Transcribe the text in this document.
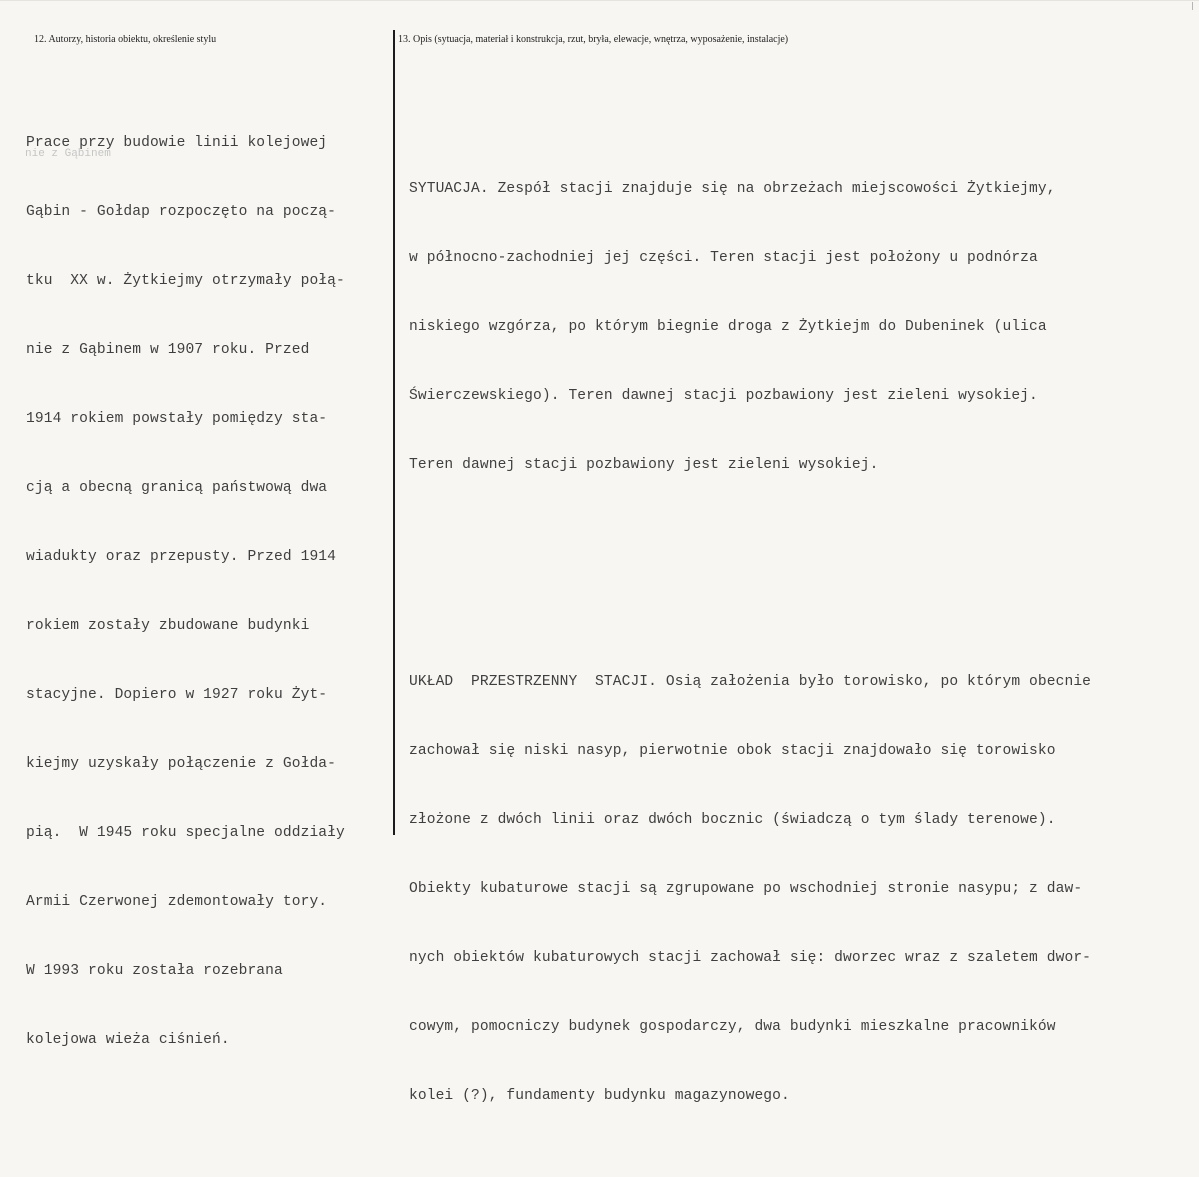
12. Autorzy, historia obiektu, określenie stylu	13. Opis (sytuacja, materiał i konstrukcja, rzut, bryła, elewacje, wnętrza, wyposażenie, instalacje)

Prace przy budowie linii kolejowej

Gąbin - Gołdap rozpoczęto na począ-

tku  XX w. Żytkiejmy otrzymały połą-

nie z Gąbinem w 1907 roku. Przed

1914 rokiem powstały pomiędzy sta-

cją a obecną granicą państwową dwa

wiadukty oraz przepusty. Przed 1914

rokiem zostały zbudowane budynki

stacyjne. Dopiero w 1927 roku Żyt-

kiejmy uzyskały połączenie z Gołda-

pią.  W 1945 roku specjalne oddziały

Armii Czerwonej zdemontowały tory.

W 1993 roku została rozebrana

kolejowa wieża ciśnień.

nie z Gąbinem

SYTUACJA. Zespół stacji znajduje się na obrzeżach miejscowości Żytkiejmy,

w północno-zachodniej jej części. Teren stacji jest położony u podnórza

niskiego wzgórza, po którym biegnie droga z Żytkiejm do Dubeninek (ulica

Świerczewskiego). Teren dawnej stacji pozbawiony jest zieleni wysokiej.

Teren dawnej stacji pozbawiony jest zieleni wysokiej.

UKŁAD  PRZESTRZENNY  STACJI. Osią założenia było torowisko, po którym obecnie

zachował się niski nasyp, pierwotnie obok stacji znajdowało się torowisko

złożone z dwóch linii oraz dwóch bocznic (świadczą o tym ślady terenowe).

Obiekty kubaturowe stacji są zgrupowane po wschodniej stronie nasypu; z daw-

nych obiektów kubaturowych stacji zachował się: dworzec wraz z szaletem dwor-

cowym, pomocniczy budynek gospodarczy, dwa budynki mieszkalne pracowników

kolei (?), fundamenty budynku magazynowego.
